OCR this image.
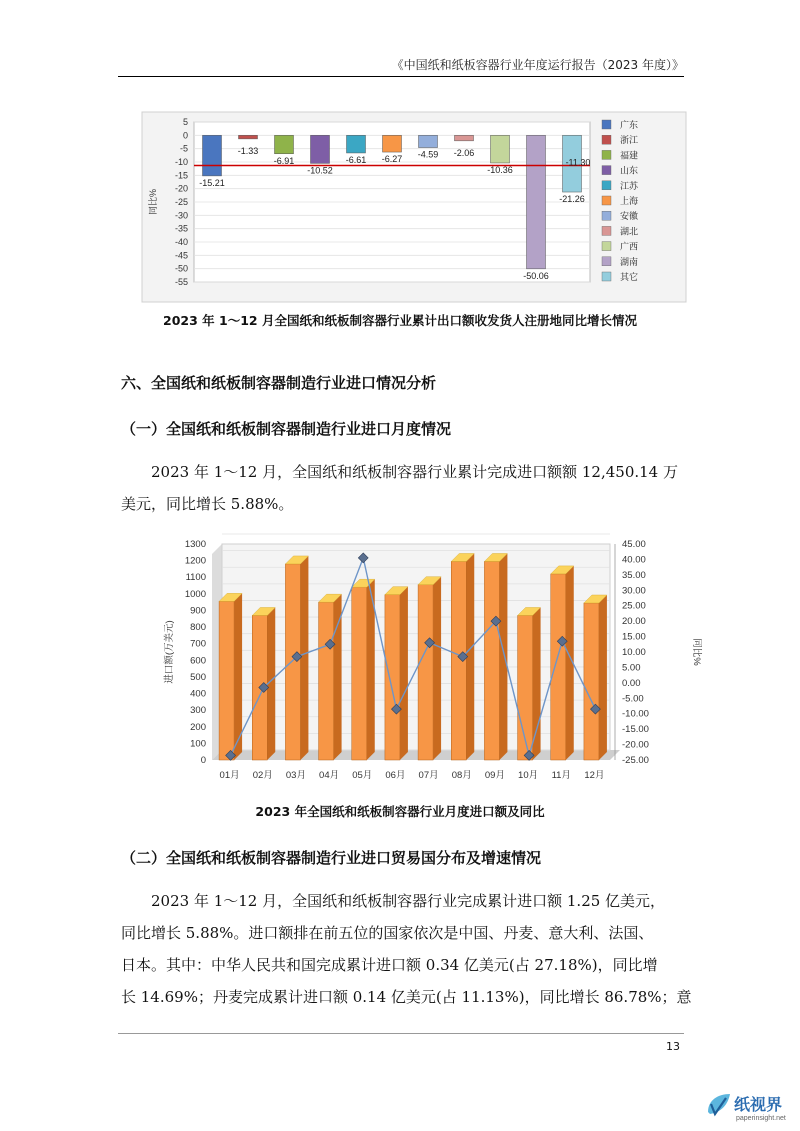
《中国纸和纸板容器行业年度运行报告（2023 年度）》
5
0
-5
-10
-15
-20
-25
-30
-35
-40
-45
-50
-55
同比%
-15.21
-1.33
-6.91
-10.52
-6.61 -6.27 -4.59 -2.06
-10.36
-50.06
-21.26
-11.30
广东
浙江
福建
山东
江苏
上海
安徽
湖北
广西
湖南
其它
2023 年 1～12 月全国纸和纸板制容器行业累计出口额收发货人注册地同比增长情况
六、全国纸和纸板制容器制造行业进口情况分析
（一）全国纸和纸板制容器制造行业进口月度情况
2023 年 1～12 月，全国纸和纸板制容器行业累计完成进口额额 12,450.14 万
美元，同比增长 5.88%。
0
100
200
300
400
500
600
700
800
900
1000
1100
1200
1300	45.00
40.00
35.00
30.00
25.00
20.00
15.00
10.00
5.00
0.00
-5.00
-10.00
-15.00
-20.00
-25.00
进口额(万美元)	同比%
01月 02月 03月 04月 05月 06月 07月 08月 09月 10月 11月 12月
2023 年全国纸和纸板制容器行业月度进口额及同比
（二）全国纸和纸板制容器制造行业进口贸易国分布及增速情况
2023 年 1～12 月，全国纸和纸板制容器行业完成累计进口额 1.25 亿美元，
同比增长 5.88%。进口额排在前五位的国家依次是中国、丹麦、意大利、法国、
日本。其中：中华人民共和国完成累计进口额 0.34 亿美元(占 27.18%)，同比增
长 14.69%；丹麦完成累计进口额 0.14 亿美元(占 11.13%)，同比增长 86.78%；意
13
纸视界
paperinsight.net
